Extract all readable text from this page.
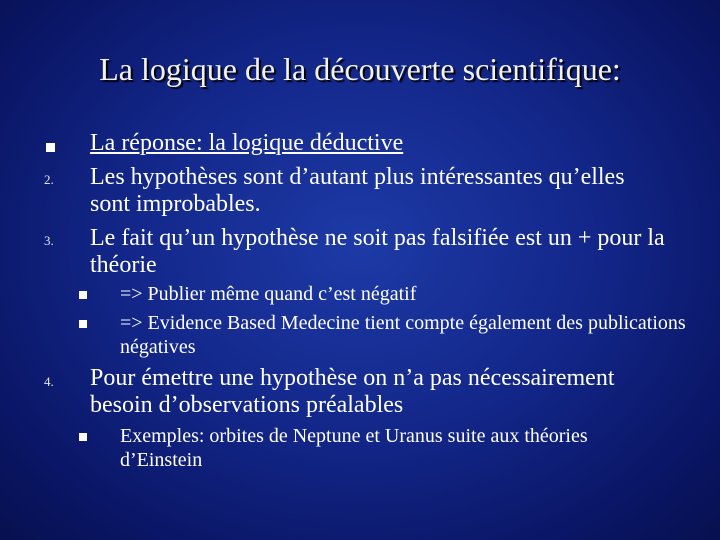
La logique de la découverte scientifique:
La réponse: la logique déductive
2. Les hypothèses sont d’autant plus intéressantes qu’elles sont improbables.
3. Le fait qu’un hypothèse ne soit pas falsifiée est un + pour la théorie
=> Publier même quand c’est négatif
=> Evidence Based Medecine tient compte également des publications négatives
4. Pour émettre une hypothèse on n’a pas nécessairement besoin d’observations préalables
Exemples: orbites de Neptune et Uranus suite aux théories d’Einstein
